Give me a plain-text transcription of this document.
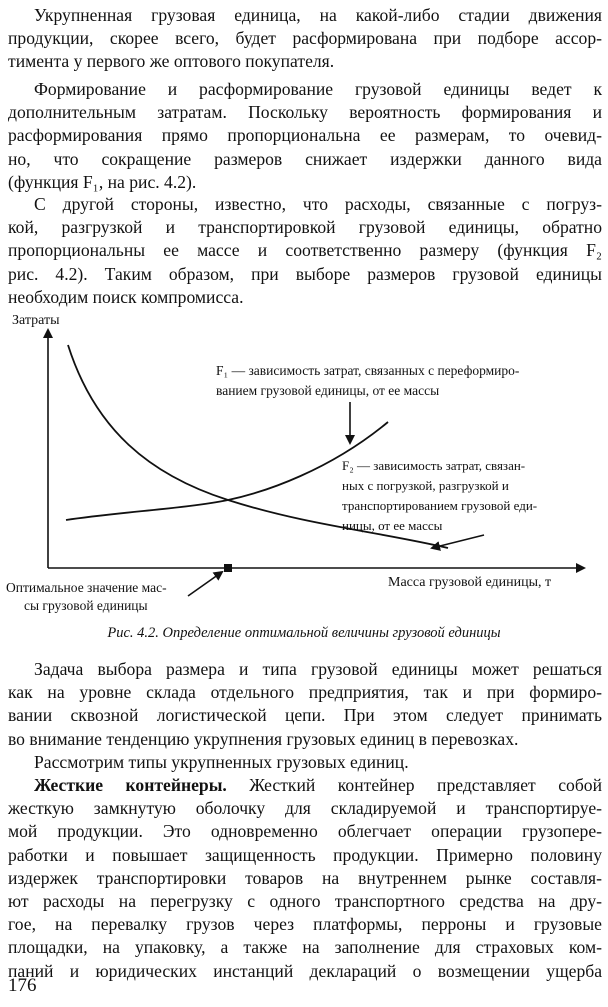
Укрупненная грузовая единица, на какой-либо стадии движения
продукции, скорее всего, будет расформирована при подборе ассор-
тимента у первого же оптового покупателя.
Формирование и расформирование грузовой единицы ведет к
дополнительным затратам. Поскольку вероятность формирования и
расформирования прямо пропорциональна ее размерам, то очевид-
но, что сокращение размеров снижает издержки данного вида
(функция F₁, на рис. 4.2).
С другой стороны, известно, что расходы, связанные с погруз-
кой, разгрузкой и транспортировкой грузовой единицы, обратно
пропорциональны ее массе и соответственно размеру (функция F₂
рис. 4.2). Таким образом, при выборе размеров грузовой единицы
необходим поиск компромисса.
Затраты
Масса грузовой единицы, т
F₁ — зависимость затрат, связанных с переформиро-
ванием грузовой единицы, от ее массы
F₂ — зависимость затрат, связан-
ных с погрузкой, разгрузкой и
транспортированием грузовой еди-
ницы, от ее массы
Оптимальное значение мас-
сы грузовой единицы
Рис. 4.2. Определение оптимальной величины грузовой единицы
Задача выбора размера и типа грузовой единицы может решаться
как на уровне склада отдельного предприятия, так и при формиро-
вании сквозной логистической цепи. При этом следует принимать
во внимание тенденцию укрупнения грузовых единиц в перевозках.
Рассмотрим типы укрупненных грузовых единиц.
Жесткие контейнеры. Жесткий контейнер представляет собой
жесткую замкнутую оболочку для складируемой и транспортируе-
мой продукции. Это одновременно облегчает операции грузопере-
работки и повышает защищенность продукции. Примерно половину
издержек транспортировки товаров на внутреннем рынке составля-
ют расходы на перегрузку с одного транспортного средства на дру-
гое, на перевалку грузов через платформы, перроны и грузовые
площадки, на упаковку, а также на заполнение для страховых ком-
паний и юридических инстанций деклараций о возмещении ущерба
176
